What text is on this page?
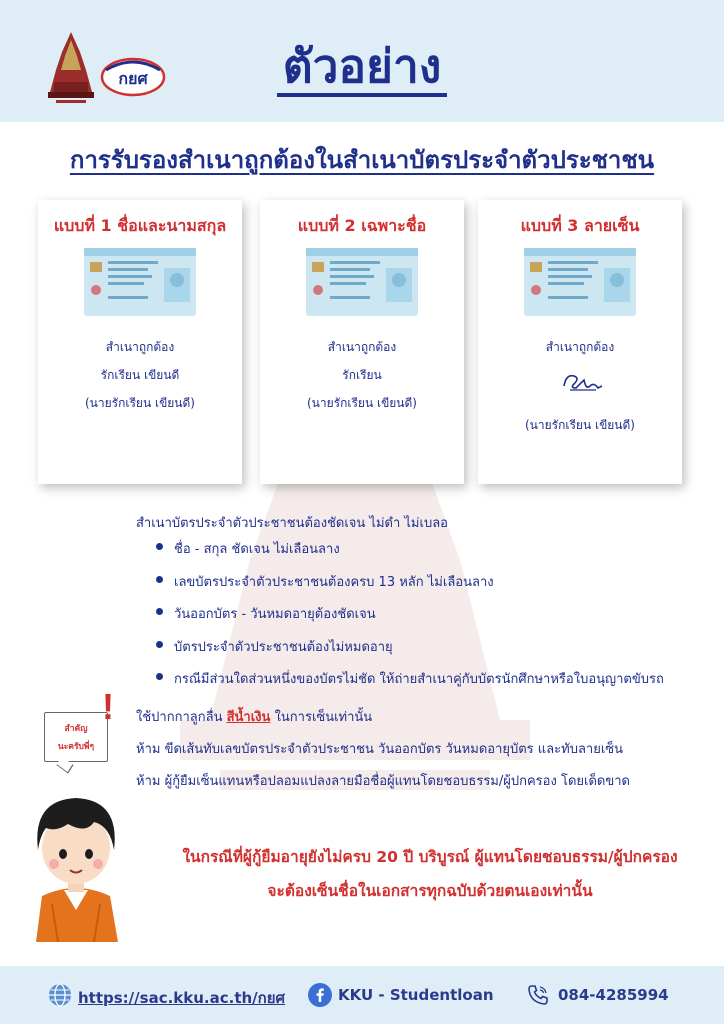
กยศ	ตัวอย่าง
การรับรองสำเนาถูกต้องในสำเนาบัตรประจำตัวประชาชน
แบบที่ 1 ชื่อและนามสกุล
สำเนาถูกต้อง
รักเรียน เขียนดี
(นายรักเรียน เขียนดี)
แบบที่ 2 เฉพาะชื่อ
สำเนาถูกต้อง
รักเรียน
(นายรักเรียน เขียนดี)
แบบที่ 3 ลายเซ็น
สำเนาถูกต้อง
(นายรักเรียน เขียนดี)
สำเนาบัตรประจำตัวประชาชนต้องชัดเจน ไม่ดำ ไม่เบลอ
ชื่อ - สกุล ชัดเจน ไม่เลือนลาง
เลขบัตรประจำตัวประชาชนต้องครบ 13 หลัก ไม่เลือนลาง
วันออกบัตร - วันหมดอายุต้องชัดเจน
บัตรประจำตัวประชาชนต้องไม่หมดอายุ
กรณีมีส่วนใดส่วนหนึ่งของบัตรไม่ชัด ให้ถ่ายสำเนาคู่กับบัตรนักศึกษาหรือใบอนุญาตขับรถ
ใช้ปากกาลูกลื่น สีน้ำเงิน ในการเซ็นเท่านั้น
ห้าม ขีดเส้นทับเลขบัตรประจำตัวประชาชน วันออกบัตร วันหมดอายุบัตร และทับลายเซ็น
ห้าม ผู้กู้ยืมเซ็นแทนหรือปลอมแปลงลายมือชื่อผู้แทนโดยชอบธรรม/ผู้ปกครอง โดยเด็ดขาด
สำคัญ
นะครับพี่ๆ
!
ในกรณีที่ผู้กู้ยืมอายุยังไม่ครบ 20 ปี บริบูรณ์ ผู้แทนโดยชอบธรรม/ผู้ปกครอง
จะต้องเซ็นชื่อในเอกสารทุกฉบับด้วยตนเองเท่านั้น
https://sac.kku.ac.th/กยศ	KKU - Studentloan	084-4285994
